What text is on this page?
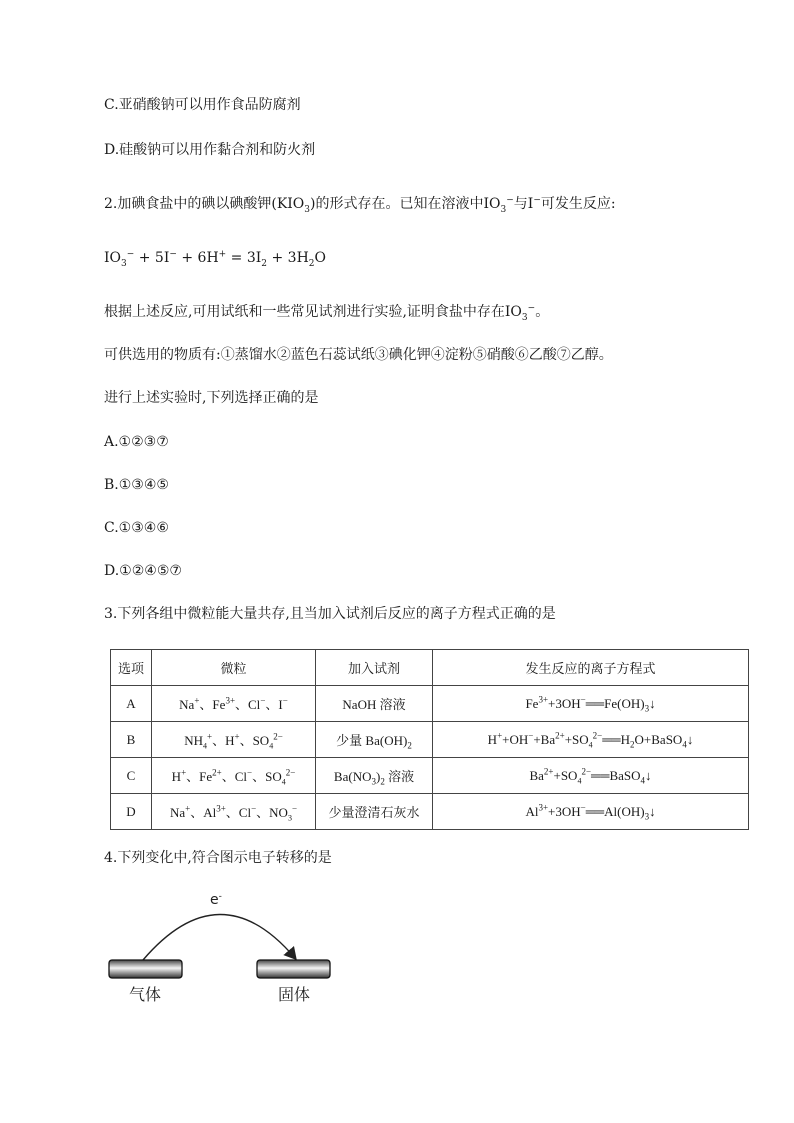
C.亚硝酸钠可以用作食品防腐剂
D.硅酸钠可以用作黏合剂和防火剂
2.加碘食盐中的碘以碘酸钾$(KIO_3)$的形式存在。已知在溶液中$IO_3^-$与I−可发生反应:
$IO_3^- + 5I^- + 6H^+ = 3I_2 + 3H_2O$
根据上述反应,可用试纸和一些常见试剂进行实验,证明食盐中存在$IO_3^-$。
可供选用的物质有:①蒸馏水②蓝色石蕊试纸③碘化钾④淀粉⑤硝酸⑥乙酸⑦乙醇。
进行上述实验时,下列选择正确的是
A.①②③⑦
B.①③④⑤
C.①③④⑥
D.①②④⑤⑦
3.下列各组中微粒能大量共存,且当加入试剂后反应的离子方程式正确的是
选项	微粒	加入试剂	发生反应的离子方程式
A	Na+、$Fe^{3+}$、Cl−、I−	NaOH 溶液	$Fe^{3+}+3OH^-══Fe(OH)_3↓$
B	$NH_4^+$、H+、$SO_4^{2-}$	少量 $Ba(OH)_2$	$H^++OH^-+Ba^{2+}+SO_4^{2-}══H_2O+BaSO_4↓$
C	H+、$Fe^{2+}$、Cl−、$SO_4^{2-}$	$Ba(NO_3)_2$ 溶液	$Ba^{2+}+SO_4^{2-}══BaSO_4↓$
D	Na+、$Al^{3+}$、Cl−、$NO_3^-$	少量澄清石灰水	$Al^{3+}+3OH^-══Al(OH)_3↓$
4.下列变化中,符合图示电子转移的是
e-
气体	固体
